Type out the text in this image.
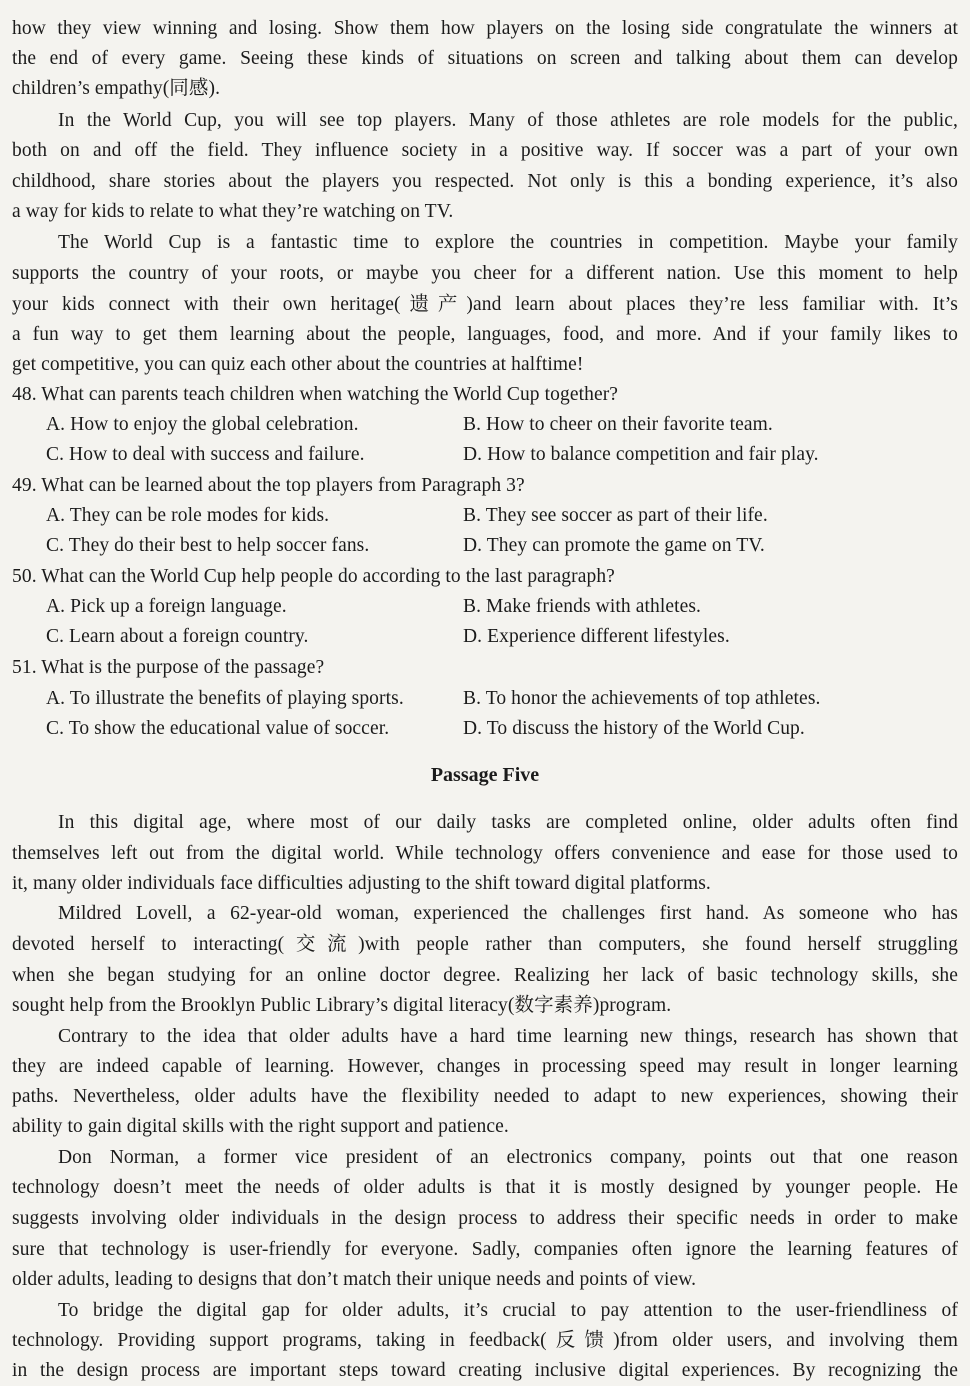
how they view winning and losing. Show them how players on the losing side congratulate the winners at
the end of every game. Seeing these kinds of situations on screen and talking about them can develop
children’s empathy(同感).
In the World Cup, you will see top players. Many of those athletes are role models for the public,
both on and off the field. They influence society in a positive way. If soccer was a part of your own
childhood, share stories about the players you respected. Not only is this a bonding experience, it’s also
a way for kids to relate to what they’re watching on TV.
The World Cup is a fantastic time to explore the countries in competition. Maybe your family
supports the country of your roots, or maybe you cheer for a different nation. Use this moment to help
your kids connect with their own heritage(遗产)and learn about places they’re less familiar with. It’s
a fun way to get them learning about the people, languages, food, and more. And if your family likes to
get competitive, you can quiz each other about the countries at halftime!
48. What can parents teach children when watching the World Cup together?
A. How to enjoy the global celebration.	B. How to cheer on their favorite team.
C. How to deal with success and failure.	D. How to balance competition and fair play.
49. What can be learned about the top players from Paragraph 3?
A. They can be role modes for kids.	B. They see soccer as part of their life.
C. They do their best to help soccer fans.	D. They can promote the game on TV.
50. What can the World Cup help people do according to the last paragraph?
A. Pick up a foreign language.	B. Make friends with athletes.
C. Learn about a foreign country.	D. Experience different lifestyles.
51. What is the purpose of the passage?
A. To illustrate the benefits of playing sports.	B. To honor the achievements of top athletes.
C. To show the educational value of soccer.	D. To discuss the history of the World Cup.
Passage Five
In this digital age, where most of our daily tasks are completed online, older adults often find
themselves left out from the digital world. While technology offers convenience and ease for those used to
it, many older individuals face difficulties adjusting to the shift toward digital platforms.
Mildred Lovell, a 62-year-old woman, experienced the challenges first hand. As someone who has
devoted herself to interacting(交流)with people rather than computers, she found herself struggling
when she began studying for an online doctor degree. Realizing her lack of basic technology skills, she
sought help from the Brooklyn Public Library’s digital literacy(数字素养)program.
Contrary to the idea that older adults have a hard time learning new things, research has shown that
they are indeed capable of learning. However, changes in processing speed may result in longer learning
paths. Nevertheless, older adults have the flexibility needed to adapt to new experiences, showing their
ability to gain digital skills with the right support and patience.
Don Norman, a former vice president of an electronics company, points out that one reason
technology doesn’t meet the needs of older adults is that it is mostly designed by younger people. He
suggests involving older individuals in the design process to address their specific needs in order to make
sure that technology is user-friendly for everyone. Sadly, companies often ignore the learning features of
older adults, leading to designs that don’t match their unique needs and points of view.
To bridge the digital gap for older adults, it’s crucial to pay attention to the user-friendliness of
technology. Providing support programs, taking in feedback(反馈)from older users, and involving them
in the design process are important steps toward creating inclusive digital experiences. By recognizing the
